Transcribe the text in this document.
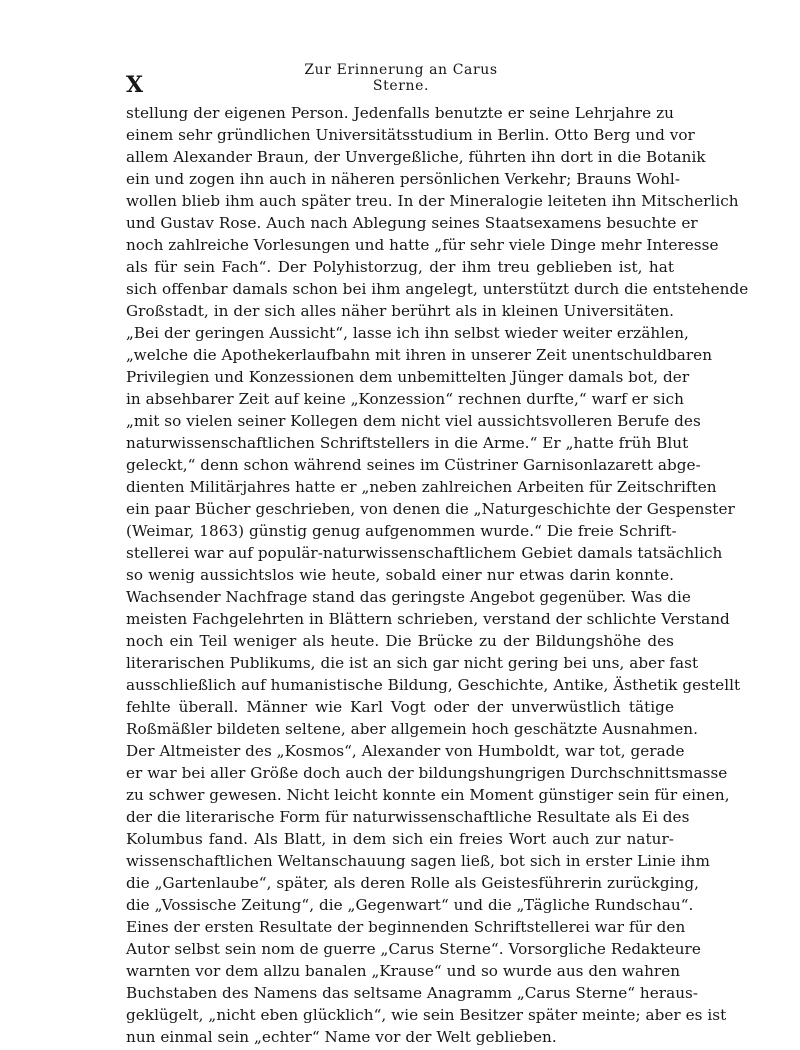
X
Zur Erinnerung an Carus Sterne.
stellung der eigenen Person. Jedenfalls benutzte er seine Lehrjahre zu
einem sehr gründlichen Universitätsstudium in Berlin. Otto Berg und vor
allem Alexander Braun, der Unvergeßliche, führten ihn dort in die Botanik
ein und zogen ihn auch in näheren persönlichen Verkehr; Brauns Wohl-
wollen blieb ihm auch später treu. In der Mineralogie leiteten ihn Mitscherlich
und Gustav Rose. Auch nach Ablegung seines Staatsexamens besuchte er
noch zahlreiche Vorlesungen und hatte „für sehr viele Dinge mehr Interesse
als für sein Fach“. Der Polyhistorzug, der ihm treu geblieben ist, hat
sich offenbar damals schon bei ihm angelegt, unterstützt durch die entstehende
Großstadt, in der sich alles näher berührt als in kleinen Universitäten.
„Bei der geringen Aussicht“, lasse ich ihn selbst wieder weiter erzählen,
„welche die Apothekerlaufbahn mit ihren in unserer Zeit unentschuldbaren
Privilegien und Konzessionen dem unbemittelten Jünger damals bot, der
in absehbarer Zeit auf keine „Konzession“ rechnen durfte,“ warf er sich
„mit so vielen seiner Kollegen dem nicht viel aussichtsvolleren Berufe des
naturwissenschaftlichen Schriftstellers in die Arme.“ Er „hatte früh Blut
geleckt,“ denn schon während seines im Cüstriner Garnisonlazarett abge-
dienten Militärjahres hatte er „neben zahlreichen Arbeiten für Zeitschriften
ein paar Bücher geschrieben, von denen die „Naturgeschichte der Gespenster
(Weimar, 1863) günstig genug aufgenommen wurde.“ Die freie Schrift-
stellerei war auf populär-naturwissenschaftlichem Gebiet damals tatsächlich
so wenig aussichtslos wie heute, sobald einer nur etwas darin konnte.
Wachsender Nachfrage stand das geringste Angebot gegenüber. Was die
meisten Fachgelehrten in Blättern schrieben, verstand der schlichte Verstand
noch ein Teil weniger als heute. Die Brücke zu der Bildungshöhe des
literarischen Publikums, die ist an sich gar nicht gering bei uns, aber fast
ausschließlich auf humanistische Bildung, Geschichte, Antike, Ästhetik gestellt
fehlte überall. Männer wie Karl Vogt oder der unverwüstlich tätige
Roßmäßler bildeten seltene, aber allgemein hoch geschätzte Ausnahmen.
Der Altmeister des „Kosmos“, Alexander von Humboldt, war tot, gerade
er war bei aller Größe doch auch der bildungshungrigen Durchschnittsmasse
zu schwer gewesen. Nicht leicht konnte ein Moment günstiger sein für einen,
der die literarische Form für naturwissenschaftliche Resultate als Ei des
Kolumbus fand. Als Blatt, in dem sich ein freies Wort auch zur natur-
wissenschaftlichen Weltanschauung sagen ließ, bot sich in erster Linie ihm
die „Gartenlaube“, später, als deren Rolle als Geistesführerin zurückging,
die „Vossische Zeitung“, die „Gegenwart“ und die „Tägliche Rundschau“.
Eines der ersten Resultate der beginnenden Schriftstellerei war für den
Autor selbst sein nom de guerre „Carus Sterne“. Vorsorgliche Redakteure
warnten vor dem allzu banalen „Krause“ und so wurde aus den wahren
Buchstaben des Namens das seltsame Anagramm „Carus Sterne“ heraus-
geklügelt, „nicht eben glücklich“, wie sein Besitzer später meinte; aber es ist
nun einmal sein „echter“ Name vor der Welt geblieben.
